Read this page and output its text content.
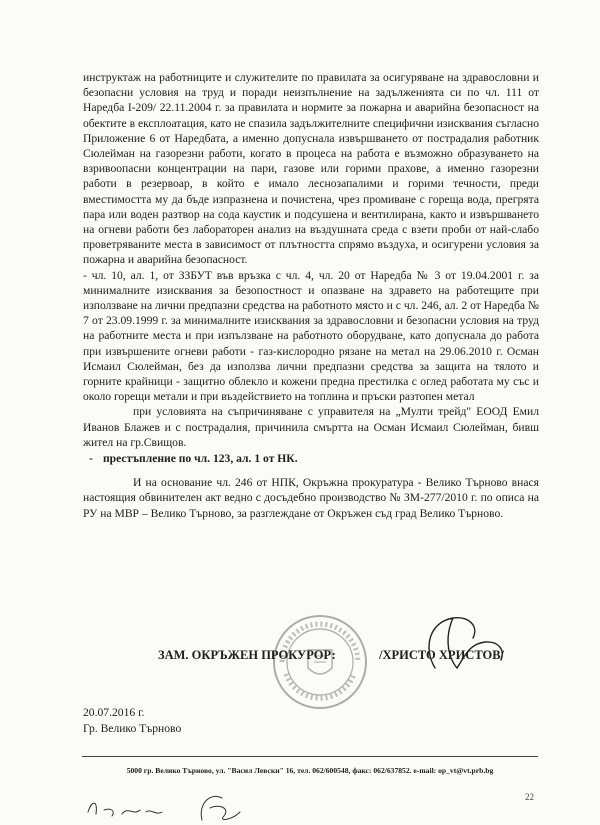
инструктаж на работниците и служителите по правилата за осигуряване на здравословни и безопасни условия на труд и поради неизпълнение на задълженията си по чл. 111 от Наредба I-209/ 22.11.2004 г. за правилата и нормите за пожарна и аварийна безопасност на обектите в експлоатация, като не спазила задължителните специфични изисквания съгласно Приложение 6 от Наредбата, а именно допуснала извършването от пострадалия работник Сюлейман на газорезни работи, когато в процеса на работа е възможно образуването на взривоопасни концентрации на пари, газове или горими прахове, а именно газорезни работи в резервоар, в който е имало леснозапалими и горими течности, преди вместимостта му да бъде изпразнена и почистена, чрез промиване с гореща вода, прегрята пара или воден разтвор на сода каустик и подсушена и вентилирана, както и извършването на огневи работи без лабораторен анализ на въздушната среда с взети проби от най-слабо проветряваните места в зависимост от плътността спрямо въздуха, и осигурени условия за пожарна и аварийна безопасност.

- чл. 10, ал. 1, от ЗЗБУТ във връзка с чл. 4, чл. 20 от Наредба № 3 от 19.04.2001 г. за минималните изисквания за безопостност и опазване на здравето на работещите при използване на лични предпазни средства на работното място и с чл. 246, ал. 2 от Наредба № 7 от 23.09.1999 г. за минималните изисквания за здравословни и безопасни условия на труд на работните места и при изпълзване на работното оборудване, като допуснала до работа при извършените огневи работи - газ-кислородно рязане на метал на 29.06.2010 г. Осман Исмаил Сюлейман, без да използва лични предпазни средства за защита на тялото и горните крайници - защитно облекло и кожени предна престилка с оглед работата му със и около горещи метали и при въздействието на топлина и пръски разтопен метал

при условията на съпричиняване с управителя на „Мулти трейд" ЕООД Емил Иванов Блажев и с пострадалия, причинила смъртта на Осман Исмаил Сюлейман, бивш жител на гр.Свищов.

- престъпление по чл. 123, ал. 1 от НК.

И на основание чл. 246 от НПК, Окръжна прокуратура - Велико Търново внася настоящия обвинителен акт ведно с досъдебно производство № ЗМ-277/2010 г. по описа на РУ на МВР – Велико Търново, за разглеждане от Окръжен съд град Велико Търново.

ЗАМ. ОКРЪЖЕН ПРОКУРОР:	/ХРИСТО ХРИСТОВ/
20.07.2016 г.
Гр. Велико Търново
5000 гр. Велико Търново, ул. "Васил Левски" 16, тел. 062/600548, факс: 062/637852. e-mail: op_vt@vt.prb.bg
22
